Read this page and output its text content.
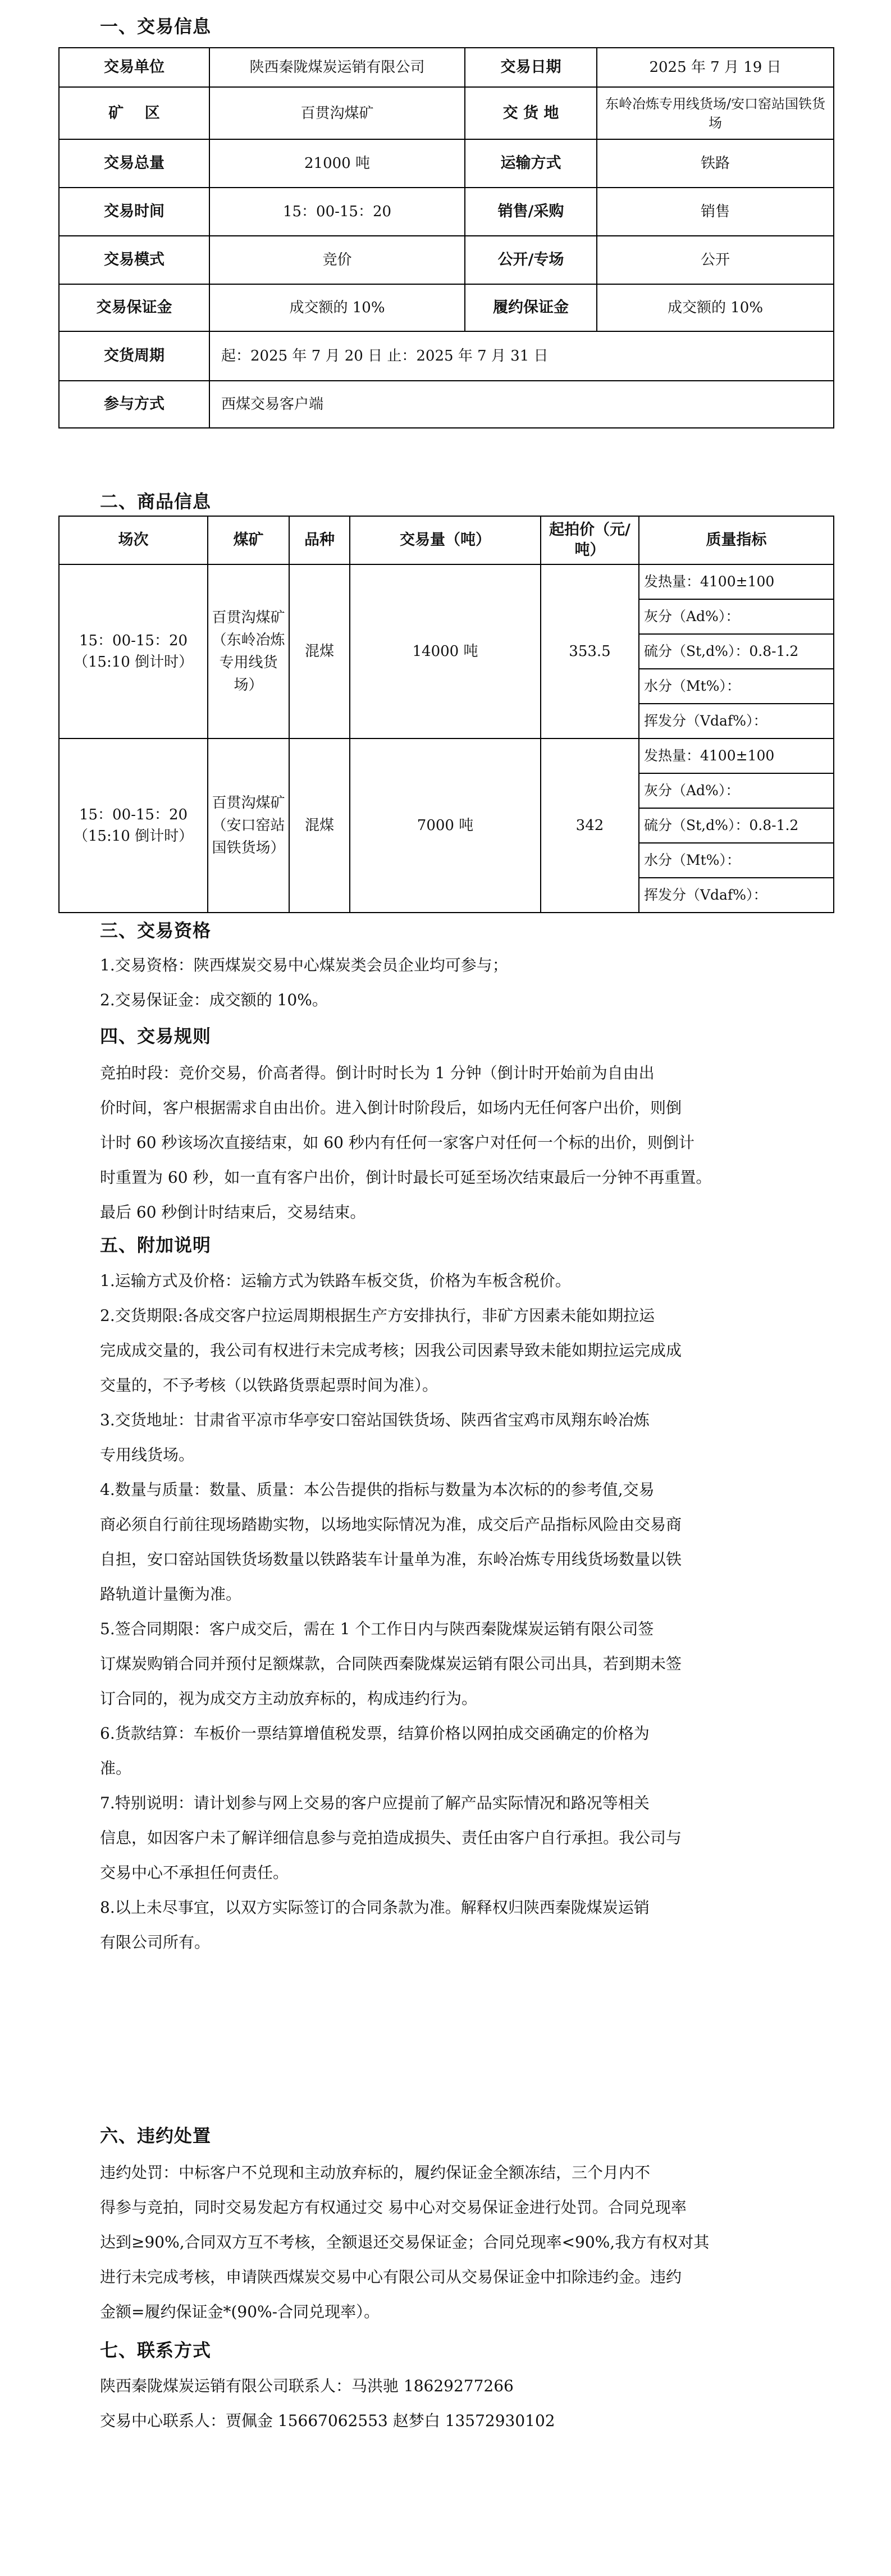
一、交易信息
交易单位	陕西秦陇煤炭运销有限公司	交易日期	2025 年 7 月 19 日
矿    区	百贯沟煤矿	交 货 地	东岭冶炼专用线货场/安口窑站国铁货场
交易总量	21000 吨	运输方式	铁路
交易时间	15：00-15：20	销售/采购	销售
交易模式	竞价	公开/专场	公开
交易保证金	成交额的 10%	履约保证金	成交额的 10%
交货周期	起：2025 年 7 月 20 日 止：2025 年 7 月 31 日		
参与方式	西煤交易客户端		
二、商品信息
场次	煤矿	品种	交易量（吨）	起拍价（元/吨）	质量指标
15：00-15：20（15:10 倒计时）	百贯沟煤矿（东岭冶炼专用线货场）	混煤	14000 吨	353.5	发热量：4100±100
					灰分（Ad%）：
					硫分（St,d%）：0.8-1.2
					水分（Mt%）：
					挥发分（Vdaf%）：
15：00-15：20（15:10 倒计时）	百贯沟煤矿（安口窑站国铁货场）	混煤	7000 吨	342	发热量：4100±100
					灰分（Ad%）：
					硫分（St,d%）：0.8-1.2
					水分（Mt%）：
					挥发分（Vdaf%）：
三、交易资格

1.交易资格：陕西煤炭交易中心煤炭类会员企业均可参与；

2.交易保证金：成交额的 10%。

四、交易规则

竞拍时段：竞价交易，价高者得。倒计时时长为 1 分钟（倒计时开始前为自由出

价时间，客户根据需求自由出价。进入倒计时阶段后，如场内无任何客户出价，则倒

计时 60 秒该场次直接结束，如 60 秒内有任何一家客户对任何一个标的出价，则倒计

时重置为 60 秒，如一直有客户出价，倒计时最长可延至场次结束最后一分钟不再重置。

最后 60 秒倒计时结束后，交易结束。

五、附加说明

1.运输方式及价格：运输方式为铁路车板交货，价格为车板含税价。

2.交货期限:各成交客户拉运周期根据生产方安排执行，非矿方因素未能如期拉运

完成成交量的，我公司有权进行未完成考核；因我公司因素导致未能如期拉运完成成

交量的，不予考核（以铁路货票起票时间为准）。

3.交货地址：甘肃省平凉市华亭安口窑站国铁货场、陕西省宝鸡市凤翔东岭冶炼

专用线货场。

4.数量与质量：数量、质量：本公告提供的指标与数量为本次标的的参考值,交易

商必须自行前往现场踏勘实物，以场地实际情况为准，成交后产品指标风险由交易商

自担，安口窑站国铁货场数量以铁路装车计量单为准，东岭冶炼专用线货场数量以铁

路轨道计量衡为准。

5.签合同期限：客户成交后，需在 1 个工作日内与陕西秦陇煤炭运销有限公司签

订煤炭购销合同并预付足额煤款，合同陕西秦陇煤炭运销有限公司出具，若到期未签

订合同的，视为成交方主动放弃标的，构成违约行为。

6.货款结算：车板价一票结算增值税发票，结算价格以网拍成交函确定的价格为

准。

7.特别说明：请计划参与网上交易的客户应提前了解产品实际情况和路况等相关

信息，如因客户未了解详细信息参与竞拍造成损失、责任由客户自行承担。我公司与

交易中心不承担任何责任。

8.以上未尽事宜，以双方实际签订的合同条款为准。解释权归陕西秦陇煤炭运销

有限公司所有。

六、违约处置

违约处罚：中标客户不兑现和主动放弃标的，履约保证金全额冻结，三个月内不

得参与竞拍，同时交易发起方有权通过交 易中心对交易保证金进行处罚。合同兑现率

达到≥90%,合同双方互不考核，全额退还交易保证金；合同兑现率<90%,我方有权对其

进行未完成考核，申请陕西煤炭交易中心有限公司从交易保证金中扣除违约金。违约

金额=履约保证金*(90%-合同兑现率）。

七、联系方式

陕西秦陇煤炭运销有限公司联系人：马洪驰 18629277266

交易中心联系人：贾佩金 15667062553 赵梦白 13572930102
